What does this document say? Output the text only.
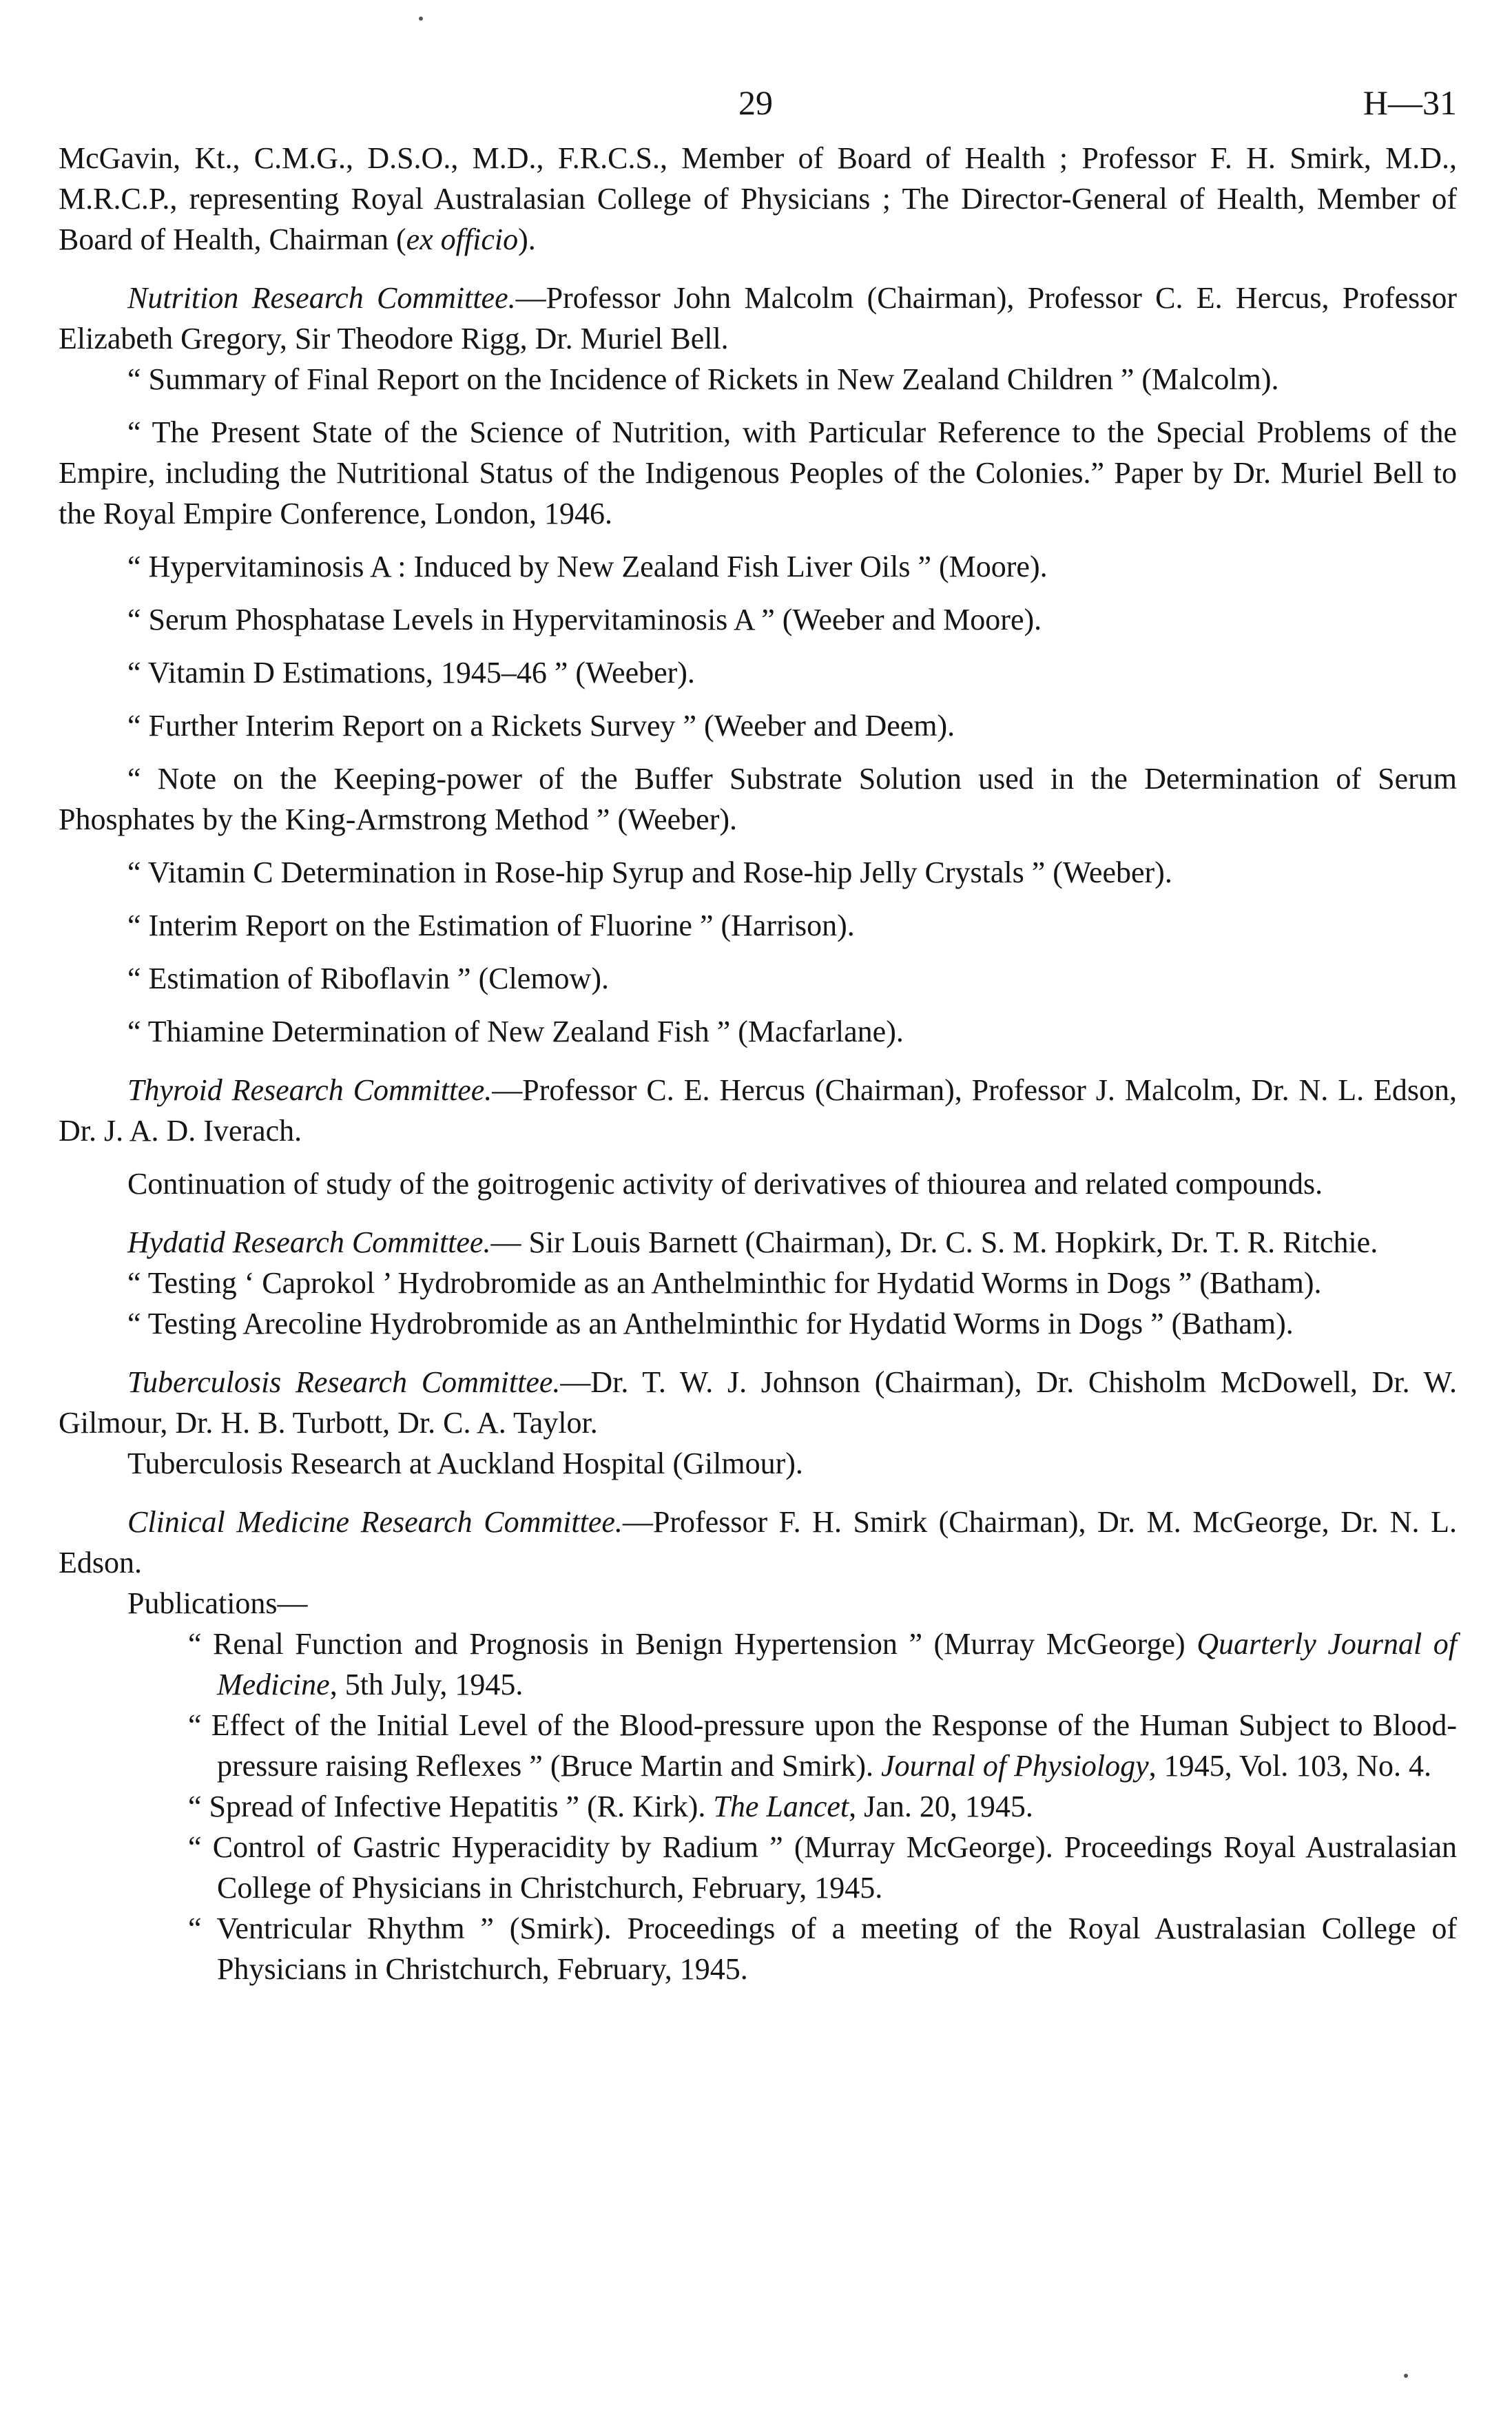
29	H—31

McGavin, Kt., C.M.G., D.S.O., M.D., F.R.C.S., Member of Board of Health ; Professor F. H. Smirk, M.D., M.R.C.P., representing Royal Australasian College of Physicians ; The Director-General of Health, Member of Board of Health, Chairman (ex officio).

Nutrition Research Committee.—Professor John Malcolm (Chairman), Professor C. E. Hercus, Professor Elizabeth Gregory, Sir Theodore Rigg, Dr. Muriel Bell.

“ Summary of Final Report on the Incidence of Rickets in New Zealand Children ” (Malcolm).

“ The Present State of the Science of Nutrition, with Particular Reference to the Special Problems of the Empire, including the Nutritional Status of the Indigenous Peoples of the Colonies.” Paper by Dr. Muriel Bell to the Royal Empire Conference, London, 1946.

“ Hypervitaminosis A : Induced by New Zealand Fish Liver Oils ” (Moore).

“ Serum Phosphatase Levels in Hypervitaminosis A ” (Weeber and Moore).

“ Vitamin D Estimations, 1945–46 ” (Weeber).

“ Further Interim Report on a Rickets Survey ” (Weeber and Deem).

“ Note on the Keeping-power of the Buffer Substrate Solution used in the Determination of Serum Phosphates by the King-Armstrong Method ” (Weeber).

“ Vitamin C Determination in Rose-hip Syrup and Rose-hip Jelly Crystals ” (Weeber).

“ Interim Report on the Estimation of Fluorine ” (Harrison).

“ Estimation of Riboflavin ” (Clemow).

“ Thiamine Determination of New Zealand Fish ” (Macfarlane).

Thyroid Research Committee.—Professor C. E. Hercus (Chairman), Professor J. Malcolm, Dr. N. L. Edson, Dr. J. A. D. Iverach.

Continuation of study of the goitrogenic activity of derivatives of thiourea and related compounds.

Hydatid Research Committee.— Sir Louis Barnett (Chairman), Dr. C. S. M. Hopkirk, Dr. T. R. Ritchie.

“ Testing ‘ Caprokol ’ Hydrobromide as an Anthelminthic for Hydatid Worms in Dogs ” (Batham).

“ Testing Arecoline Hydrobromide as an Anthelminthic for Hydatid Worms in Dogs ” (Batham).

Tuberculosis Research Committee.—Dr. T. W. J. Johnson (Chairman), Dr. Chisholm McDowell, Dr. W. Gilmour, Dr. H. B. Turbott, Dr. C. A. Taylor.

Tuberculosis Research at Auckland Hospital (Gilmour).

Clinical Medicine Research Committee.—Professor F. H. Smirk (Chairman), Dr. M. McGeorge, Dr. N. L. Edson.

Publications—

“ Renal Function and Prognosis in Benign Hypertension ” (Murray McGeorge) Quarterly Journal of Medicine, 5th July, 1945.

“ Effect of the Initial Level of the Blood-pressure upon the Response of the Human Subject to Blood-pressure raising Reflexes ” (Bruce Martin and Smirk). Journal of Physiology, 1945, Vol. 103, No. 4.

“ Spread of Infective Hepatitis ” (R. Kirk). The Lancet, Jan. 20, 1945.

“ Control of Gastric Hyperacidity by Radium ” (Murray McGeorge). Proceedings Royal Australasian College of Physicians in Christchurch, February, 1945.

“ Ventricular Rhythm ” (Smirk). Proceedings of a meeting of the Royal Australasian College of Physicians in Christchurch, February, 1945.
